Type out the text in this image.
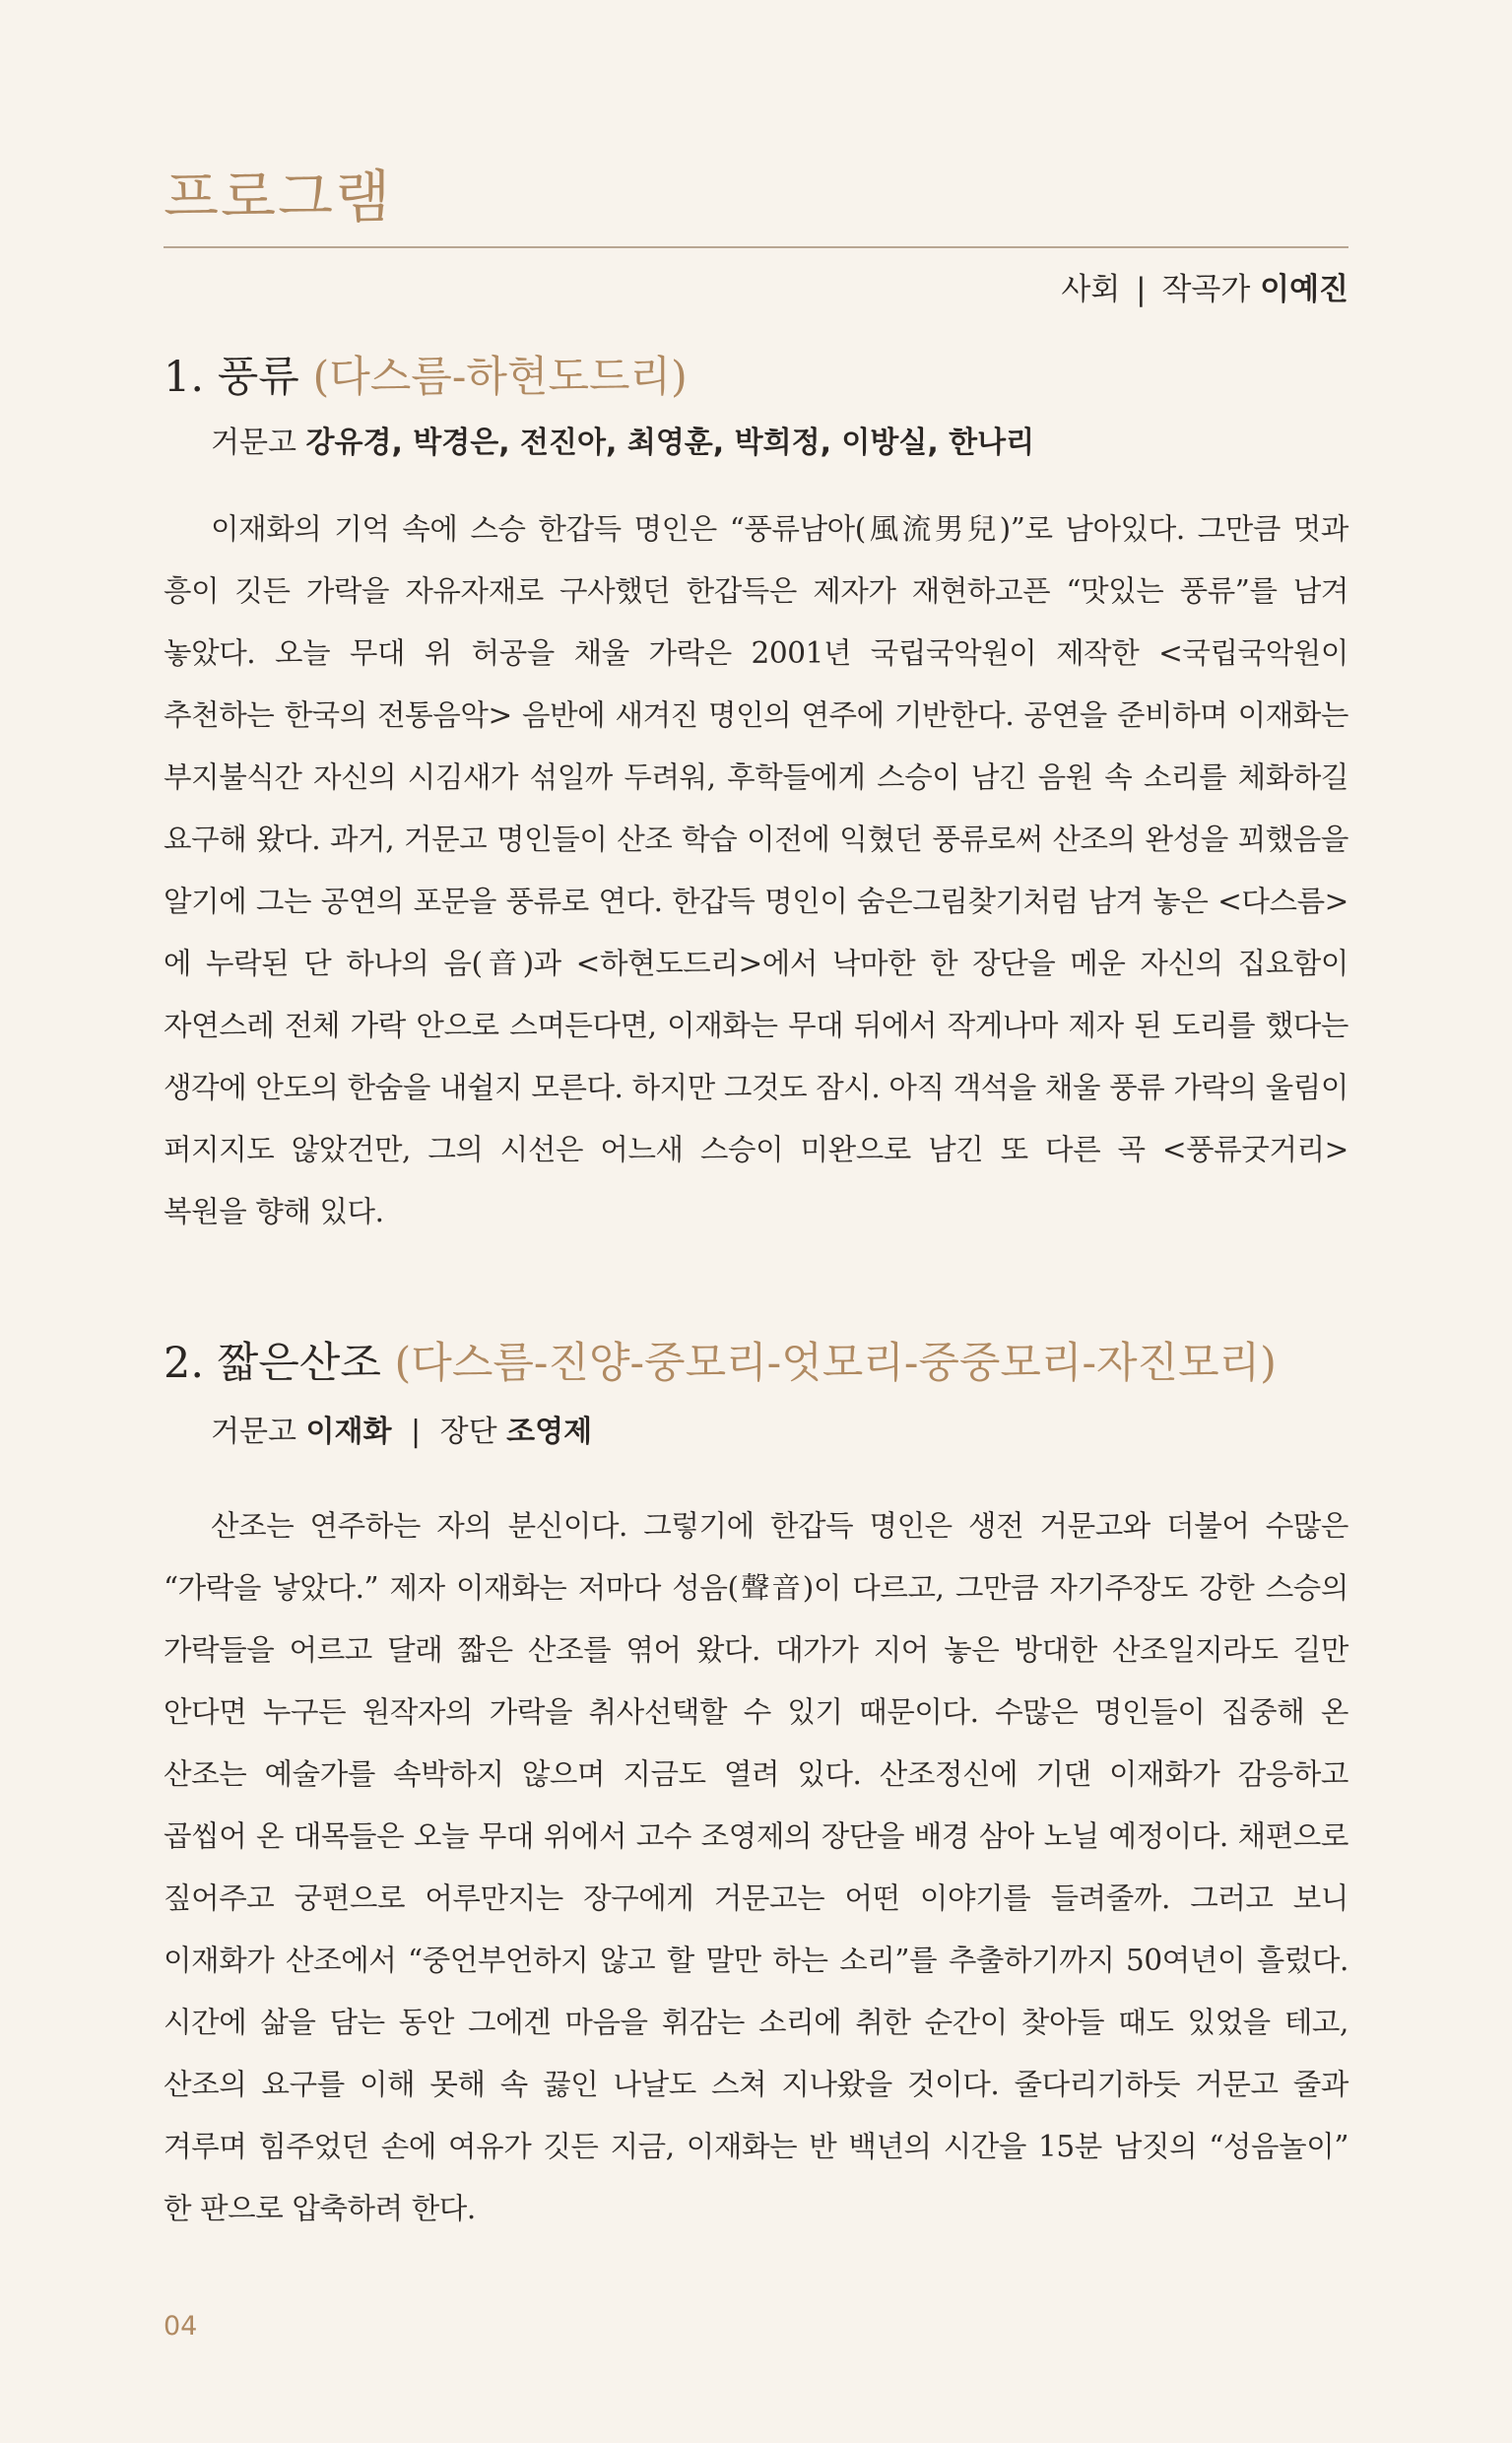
프로그램
사회 | 작곡가 이예진
1. 풍류 (다스름-하현도드리)
거문고 강유경, 박경은, 전진아, 최영훈, 박희정, 이방실, 한나리

이재화의 기억 속에 스승 한갑득 명인은 “풍류남아(風流男兒)”로 남아있다. 그만큼 멋과 흥이 깃든 가락을 자유자재로 구사했던 한갑득은 제자가 재현하고픈 “맛있는 풍류”를 남겨 놓았다. 오늘 무대 위 허공을 채울 가락은 2001년 국립국악원이 제작한 <국립국악원이 추천하는 한국의 전통음악> 음반에 새겨진 명인의 연주에 기반한다. 공연을 준비하며 이재화는 부지불식간 자신의 시김새가 섞일까 두려워, 후학들에게 스승이 남긴 음원 속 소리를 체화하길 요구해 왔다. 과거, 거문고 명인들이 산조 학습 이전에 익혔던 풍류로써 산조의 완성을 꾀했음을 알기에 그는 공연의 포문을 풍류로 연다. 한갑득 명인이 숨은그림찾기처럼 남겨 놓은 <다스름>에 누락된 단 하나의 음(音)과 <하현도드리>에서 낙마한 한 장단을 메운 자신의 집요함이 자연스레 전체 가락 안으로 스며든다면, 이재화는 무대 뒤에서 작게나마 제자 된 도리를 했다는 생각에 안도의 한숨을 내쉴지 모른다. 하지만 그것도 잠시. 아직 객석을 채울 풍류 가락의 울림이 퍼지지도 않았건만, 그의 시선은 어느새 스승이 미완으로 남긴 또 다른 곡 <풍류굿거리> 복원을 향해 있다.

2. 짧은산조 (다스름-진양-중모리-엇모리-중중모리-자진모리)
거문고 이재화 | 장단 조영제

산조는 연주하는 자의 분신이다. 그렇기에 한갑득 명인은 생전 거문고와 더불어 수많은 “가락을 낳았다.” 제자 이재화는 저마다 성음(聲音)이 다르고, 그만큼 자기주장도 강한 스승의 가락들을 어르고 달래 짧은 산조를 엮어 왔다. 대가가 지어 놓은 방대한 산조일지라도 길만 안다면 누구든 원작자의 가락을 취사선택할 수 있기 때문이다. 수많은 명인들이 집중해 온 산조는 예술가를 속박하지 않으며 지금도 열려 있다. 산조정신에 기댄 이재화가 감응하고 곱씹어 온 대목들은 오늘 무대 위에서 고수 조영제의 장단을 배경 삼아 노닐 예정이다. 채편으로 짚어주고 궁편으로 어루만지는 장구에게 거문고는 어떤 이야기를 들려줄까. 그러고 보니 이재화가 산조에서 “중언부언하지 않고 할 말만 하는 소리”를 추출하기까지 50여년이 흘렀다. 시간에 삶을 담는 동안 그에겐 마음을 휘감는 소리에 취한 순간이 찾아들 때도 있었을 테고, 산조의 요구를 이해 못해 속 끓인 나날도 스쳐 지나왔을 것이다. 줄다리기하듯 거문고 줄과 겨루며 힘주었던 손에 여유가 깃든 지금, 이재화는 반 백년의 시간을 15분 남짓의 “성음놀이” 한 판으로 압축하려 한다.

04
